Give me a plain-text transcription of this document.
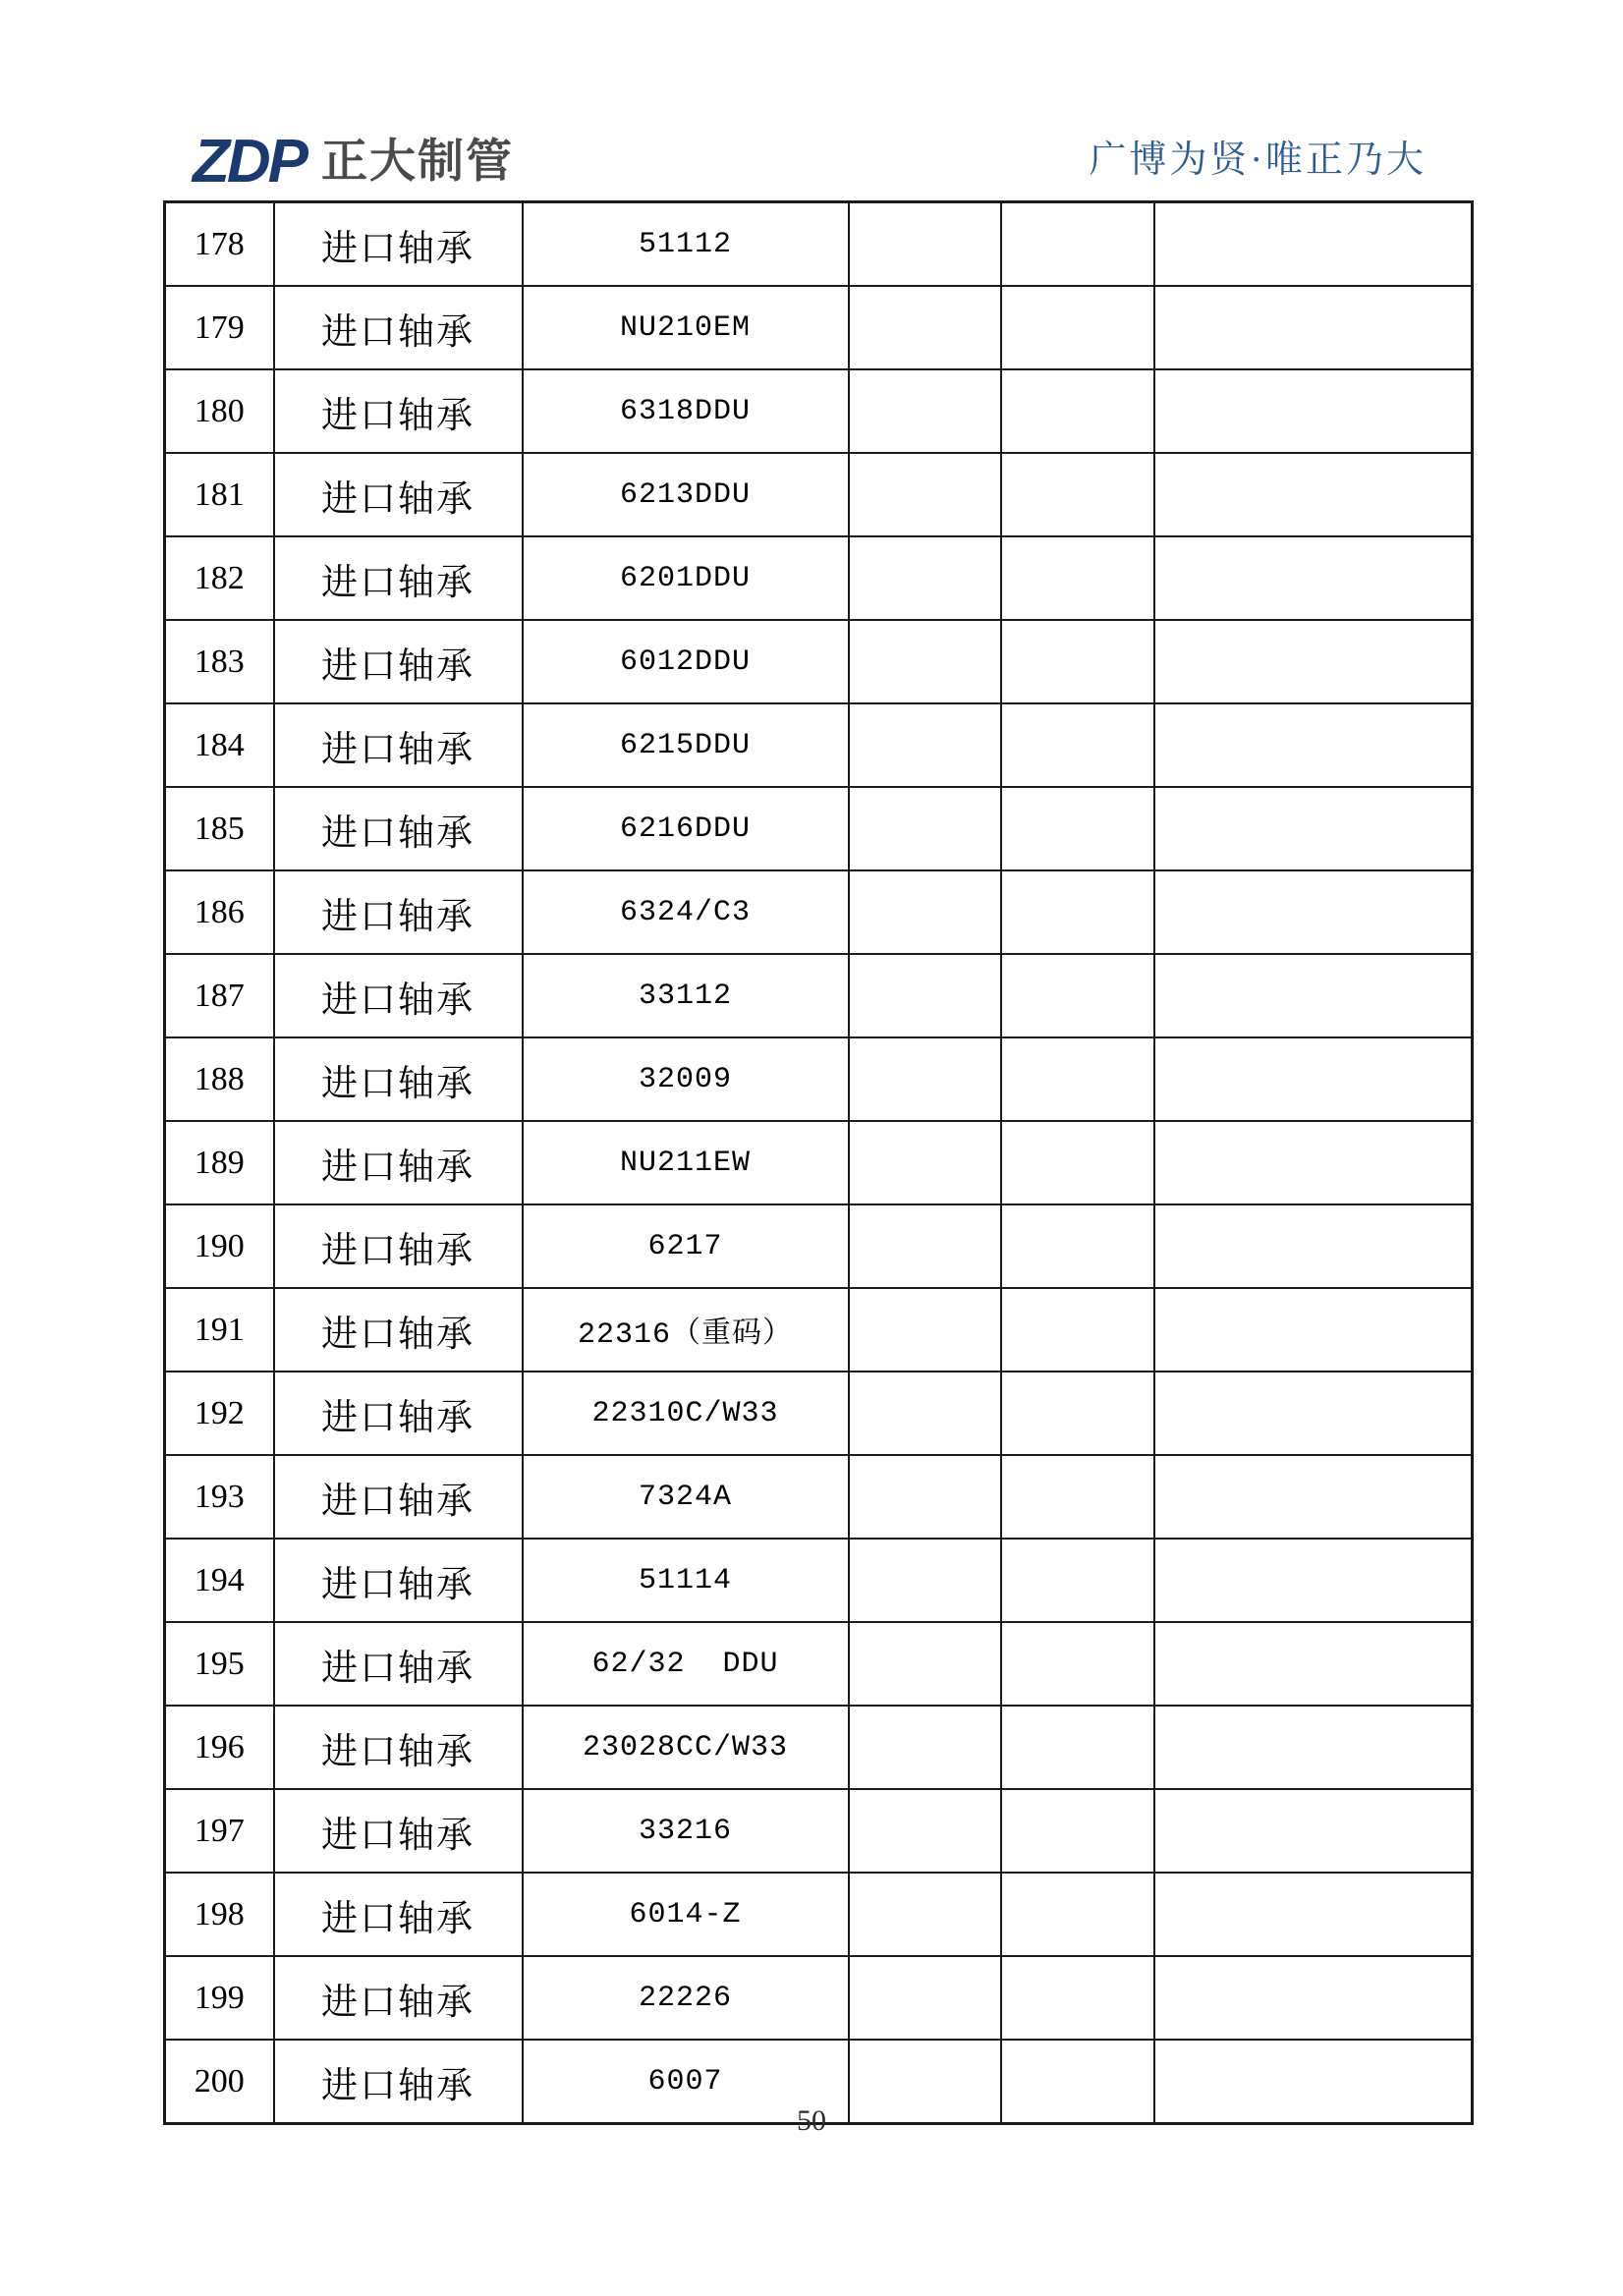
ZDP 正大制管	广博为贤·唯正乃大
178	进口轴承	51112			
179	进口轴承	NU210EM			
180	进口轴承	6318DDU			
181	进口轴承	6213DDU			
182	进口轴承	6201DDU			
183	进口轴承	6012DDU			
184	进口轴承	6215DDU			
185	进口轴承	6216DDU			
186	进口轴承	6324/C3			
187	进口轴承	33112			
188	进口轴承	32009			
189	进口轴承	NU211EW			
190	进口轴承	6217			
191	进口轴承	22316（重码）			
192	进口轴承	22310C/W33			
193	进口轴承	7324A			
194	进口轴承	51114			
195	进口轴承	62/32  DDU			
196	进口轴承	23028CC/W33			
197	进口轴承	33216			
198	进口轴承	6014-Z			
199	进口轴承	22226			
200	进口轴承	6007			
50
